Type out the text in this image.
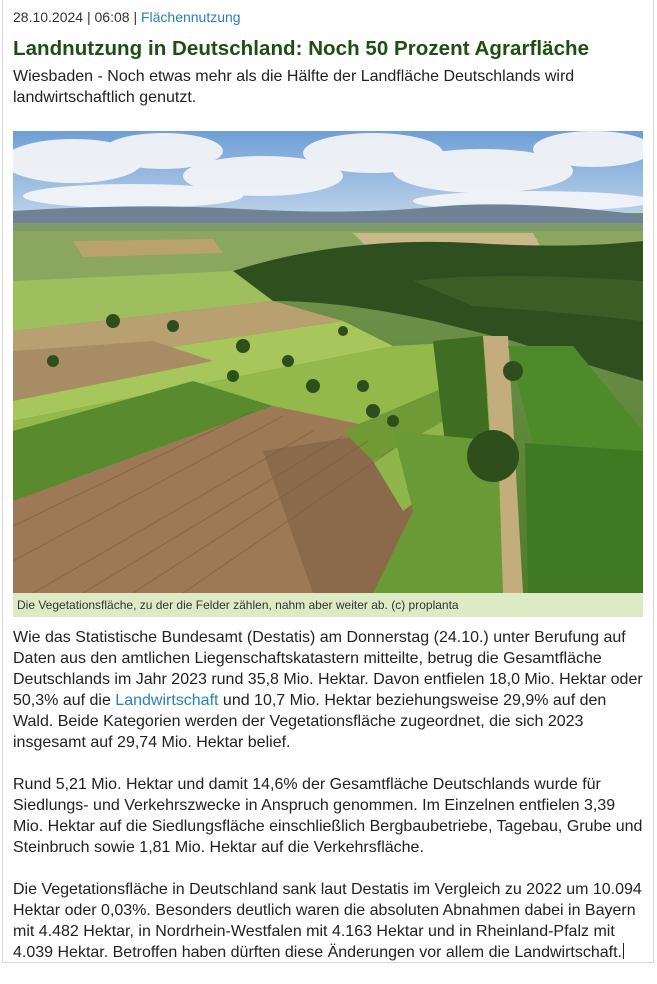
28.10.2024 | 06:08 | Flächennutzung
Landnutzung in Deutschland: Noch 50 Prozent Agrarfläche
Wiesbaden - Noch etwas mehr als die Hälfte der Landfläche Deutschlands wird landwirtschaftlich genutzt.
Die Vegetationsfläche, zu der die Felder zählen, nahm aber weiter ab. (c) proplanta

Wie das Statistische Bundesamt (Destatis) am Donnerstag (24.10.) unter Berufung auf Daten aus den amtlichen Liegenschaftskatastern mitteilte, betrug die Gesamtfläche Deutschlands im Jahr 2023 rund 35,8 Mio. Hektar. Davon entfielen 18,0 Mio. Hektar oder 50,3% auf die Landwirtschaft und 10,7 Mio. Hektar beziehungsweise 29,9% auf den Wald. Beide Kategorien werden der Vegetationsfläche zugeordnet, die sich 2023 insgesamt auf 29,74 Mio. Hektar belief.

Rund 5,21 Mio. Hektar und damit 14,6% der Gesamtfläche Deutschlands wurde für Siedlungs- und Verkehrszwecke in Anspruch genommen. Im Einzelnen entfielen 3,39 Mio. Hektar auf die Siedlungsfläche einschließlich Bergbaubetriebe, Tagebau, Grube und Steinbruch sowie 1,81 Mio. Hektar auf die Verkehrsfläche.

Die Vegetationsfläche in Deutschland sank laut Destatis im Vergleich zu 2022 um 10.094 Hektar oder 0,03%. Besonders deutlich waren die absoluten Abnahmen dabei in Bayern mit 4.482 Hektar, in Nordrhein-Westfalen mit 4.163 Hektar und in Rheinland-Pfalz mit 4.039 Hektar. Betroffen haben dürften diese Änderungen vor allem die Landwirtschaft.
